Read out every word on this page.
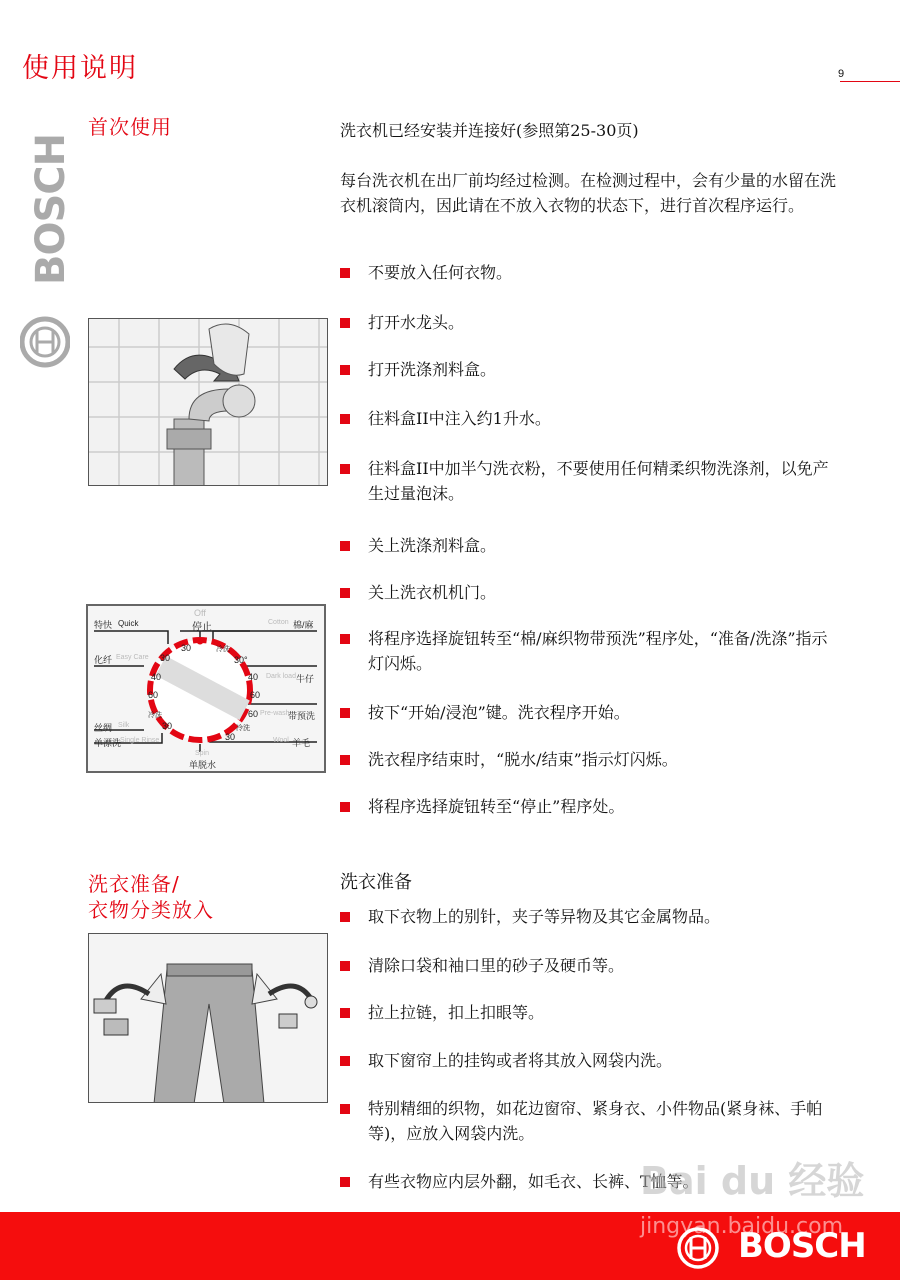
使用说明	9
BOSCH
首次使用	洗衣机已经安装并连接好(参照第25-30页)
每台洗衣机在出厂前均经过检测。在检测过程中，会有少量的水留在洗衣机滚筒内，因此请在不放入衣物的状态下，进行首次程序运行。
不要放入任何衣物。
打开水龙头。
打开洗涤剂料盒。
往料盒II中注入约1升水。
往料盒II中加半勺洗衣粉，不要使用任何精柔织物洗涤剂，以免产生过量泡沫。
关上洗涤剂料盒。
关上洗衣机机门。
将程序选择旋钮转至“棉/麻织物带预洗”程序处，“准备/洗涤”指示灯闪烁。
按下“开始/浸泡”键。洗衣程序开始。
洗衣程序结束时，“脱水/结束”指示灯闪烁。
将程序选择旋钮转至“停止”程序处。
Off
停止
特快 Quick	Cotton 棉/麻
化纤 Easy Care 30
30	冷洗
30°
40
60
冷洗
40 Dark load 牛仔
60
60 Pre-wash
带预洗
丝绸 Silk	30	冷洗
单漂洗
Single Rinse	30	Wool 羊毛
Spin
单脱水
洗衣准备/
衣物分类放入
洗衣准备
取下衣物上的别针，夹子等异物及其它金属物品。
清除口袋和袖口里的砂子及硬币等。
拉上拉链，扣上扣眼等。
取下窗帘上的挂钩或者将其放入网袋内洗。
特别精细的织物，如花边窗帘、紧身衣、小件物品(紧身袜、手帕等)，应放入网袋内洗。
有些衣物应内层外翻，如毛衣、长裤、T恤等。
Bai du 经验
jingyan.baidu.com
BOSCH
